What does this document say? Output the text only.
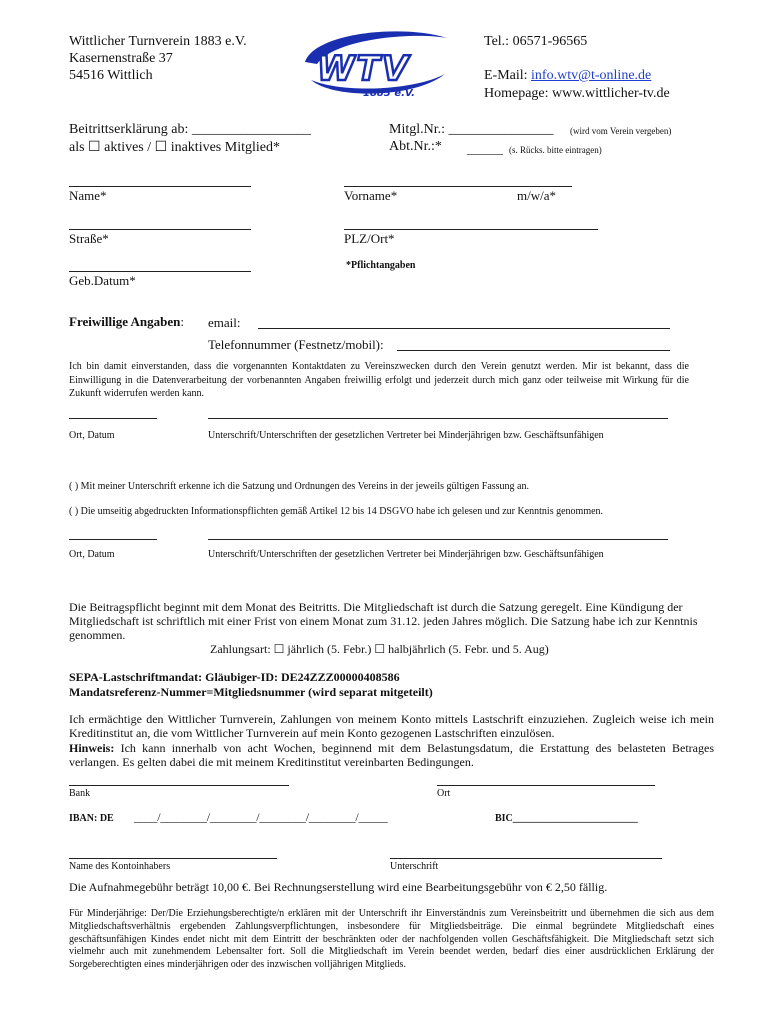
Wittlicher Turnverein 1883 e.V.
Kasernenstraße 37
54516 Wittlich	WTV
1883 e.V.
Tel.: 06571-96565
E-Mail: info.wtv@t-online.de
Homepage: www.wittlicher-tv.de
Beitrittserklärung ab: _________________
als ☐ aktives / ☐ inaktives Mitglied*
Mitgl.Nr.: _______________ (wird vom Verein vergeben)
Abt.Nr.:* ______ (s. Rücks. bitte eintragen)
Name*	Vorname*	m/w/a*
Straße*	PLZ/Ort*
*Pflichtangaben
Geb.Datum*
Freiwillige Angaben: email:
Telefonnummer (Festnetz/mobil):
Ich bin damit einverstanden, dass die vorgenannten Kontaktdaten zu Vereinszwecken durch den Verein genutzt werden. Mir ist bekannt, dass die Einwilligung in die Datenverarbeitung der vorbenannten Angaben freiwillig erfolgt und jederzeit durch mich ganz oder teilweise mit Wirkung für die Zukunft widerrufen werden kann.
Ort, Datum	Unterschrift/Unterschriften der gesetzlichen Vertreter bei Minderjährigen bzw. Geschäftsunfähigen
( ) Mit meiner Unterschrift erkenne ich die Satzung und Ordnungen des Vereins in der jeweils gültigen Fassung an.
( ) Die umseitig abgedruckten Informationspflichten gemäß Artikel 12 bis 14 DSGVO habe ich gelesen und zur Kenntnis genommen.
Ort, Datum	Unterschrift/Unterschriften der gesetzlichen Vertreter bei Minderjährigen bzw. Geschäftsunfähigen
Die Beitragspflicht beginnt mit dem Monat des Beitritts. Die Mitgliedschaft ist durch die Satzung geregelt. Eine Kündigung der Mitgliedschaft ist schriftlich mit einer Frist von einem Monat zum 31.12. jeden Jahres möglich. Die Satzung habe ich zur Kenntnis genommen.
Zahlungsart: ☐ jährlich (5. Febr.) ☐ halbjährlich (5. Febr. und 5. Aug)
SEPA-Lastschriftmandat: Gläubiger-ID: DE24ZZZ00000408586
Mandatsreferenz-Nummer=Mitgliedsnummer (wird separat mitgeteilt)
Ich ermächtige den Wittlicher Turnverein, Zahlungen von meinem Konto mittels Lastschrift einzuziehen. Zugleich weise ich mein Kreditinstitut an, die vom Wittlicher Turnverein auf mein Konto gezogenen Lastschriften einzulösen.
Hinweis: Ich kann innerhalb von acht Wochen, beginnend mit dem Belastungsdatum, die Erstattung des belasteten Betrages verlangen. Es gelten dabei die mit meinem Kreditinstitut vereinbarten Bedingungen.
Bank	Ort
IBAN: DE ____/________/________/________/________/_____	BIC_________________________
Name des Kontoinhabers	Unterschrift
Die Aufnahmegebühr beträgt 10,00 €. Bei Rechnungserstellung wird eine Bearbeitungsgebühr von € 2,50 fällig.
Für Minderjährige: Der/Die Erziehungsberechtigte/n erklären mit der Unterschrift ihr Einverständnis zum Vereinsbeitritt und übernehmen die sich aus dem Mitgliedschaftsverhältnis ergebenden Zahlungsverpflichtungen, insbesondere für Mitgliedsbeiträge. Die einmal begründete Mitgliedschaft eines geschäftsunfähigen Kindes endet nicht mit dem Eintritt der beschränkten oder der nachfolgenden vollen Geschäftsfähigkeit. Die Mitgliedschaft setzt sich vielmehr auch mit zunehmendem Lebensalter fort. Soll die Mitgliedschaft im Verein beendet werden, bedarf dies einer ausdrücklichen Erklärung der Sorgeberechtigten eines minderjährigen oder des inzwischen volljährigen Mitglieds.
